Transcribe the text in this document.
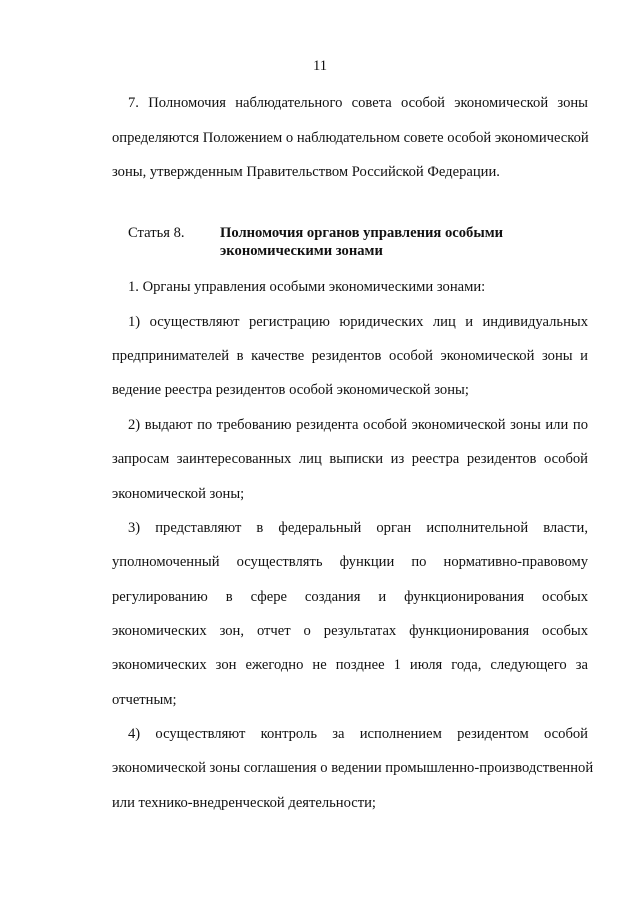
11
7. Полномочия наблюдательного совета особой экономической зоны
определяются Положением о наблюдательном совете особой экономической
зоны, утвержденным Правительством Российской Федерации.
Статья 8. Полномочия органов управления особыми
экономическими зонами
1. Органы управления особыми экономическими зонами:
1) осуществляют регистрацию юридических лиц и индивидуальных
предпринимателей в качестве резидентов особой экономической зоны и
ведение реестра резидентов особой экономической зоны;
2) выдают по требованию резидента особой экономической зоны или по
запросам заинтересованных лиц выписки из реестра резидентов особой
экономической зоны;
3) представляют в федеральный орган исполнительной власти,
уполномоченный осуществлять функции по нормативно-правовому
регулированию в сфере создания и функционирования особых
экономических зон, отчет о результатах функционирования особых
экономических зон ежегодно не позднее 1 июля года, следующего за
отчетным;
4) осуществляют контроль за исполнением резидентом особой
экономической зоны соглашения о ведении промышленно-производственной
или технико-внедренческой деятельности;
